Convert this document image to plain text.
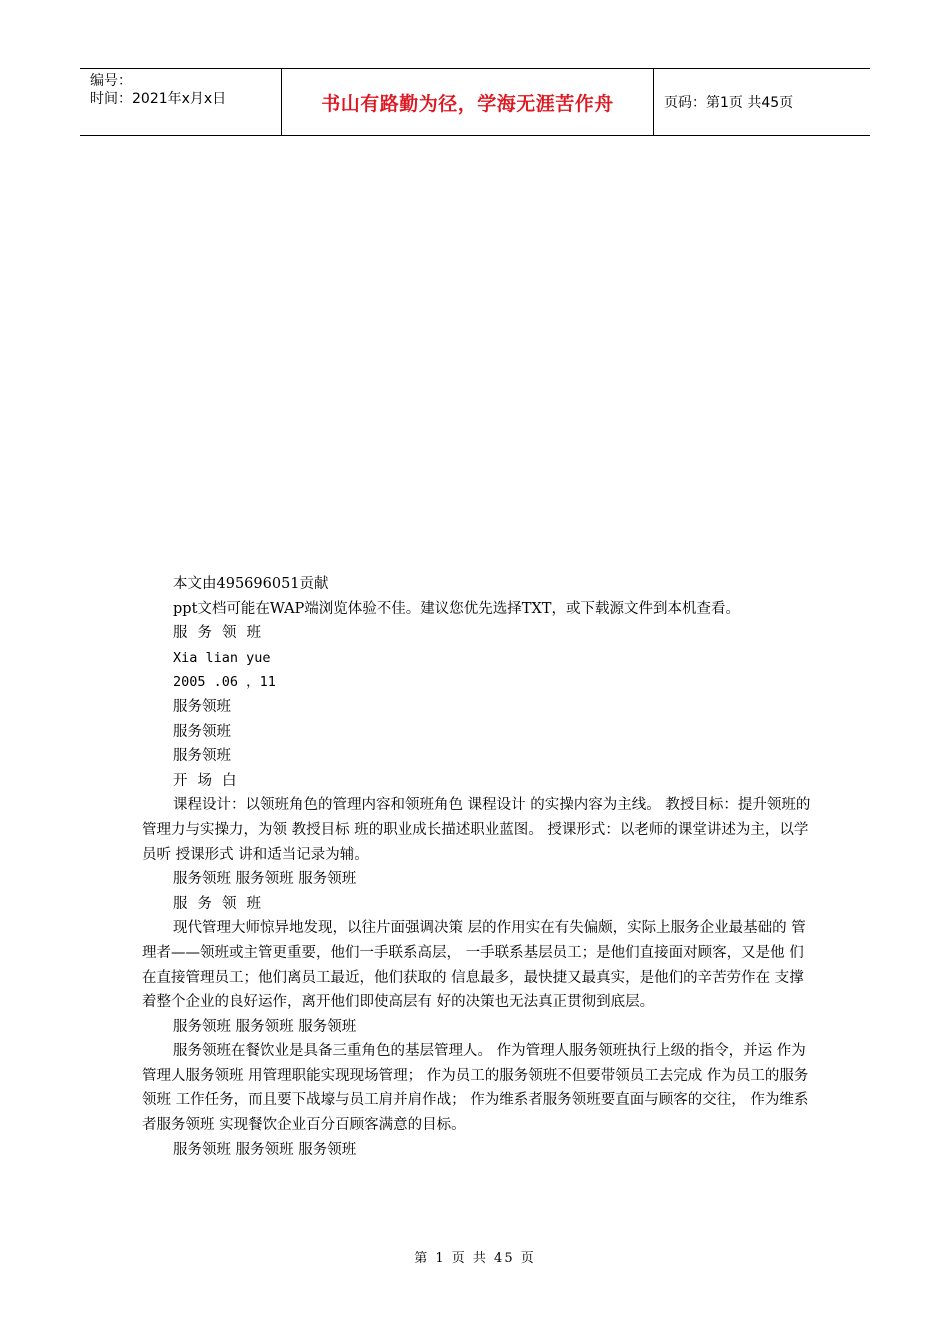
编号：
时间：2021年x月x日	书山有路勤为径，学海无涯苦作舟	页码：第1页 共45页

本文由495696051贡献

ppt文档可能在WAP端浏览体验不佳。建议您优先选择TXT，或下载源文件到本机查看。

服务领班

Xia lian yue

2005 .06 ，11

服务领班

服务领班

服务领班

开场白

课程设计：以领班角色的管理内容和领班角色 课程设计 的实操内容为主线。 教授目标：提升领班的管理力与实操力，为领 教授目标 班的职业成长描述职业蓝图。 授课形式：以老师的课堂讲述为主，以学员听 授课形式 讲和适当记录为辅。

服务领班 服务领班 服务领班

服务领班

现代管理大师惊异地发现，以往片面强调决策 层的作用实在有失偏颇，实际上服务企业最基础的 管理者——领班或主管更重要，他们一手联系高层， 一手联系基层员工；是他们直接面对顾客，又是他 们在直接管理员工；他们离员工最近，他们获取的 信息最多，最快捷又最真实，是他们的辛苦劳作在 支撑着整个企业的良好运作，离开他们即使高层有 好的决策也无法真正贯彻到底层。

服务领班 服务领班 服务领班

服务领班在餐饮业是具备三重角色的基层管理人。 作为管理人服务领班执行上级的指令，并运 作为管理人服务领班 用管理职能实现现场管理； 作为员工的服务领班不但要带领员工去完成 作为员工的服务领班 工作任务，而且要下战壕与员工肩并肩作战； 作为维系者服务领班要直面与顾客的交往， 作为维系者服务领班 实现餐饮企业百分百顾客满意的目标。

服务领班 服务领班 服务领班

第 1 页 共 45 页
